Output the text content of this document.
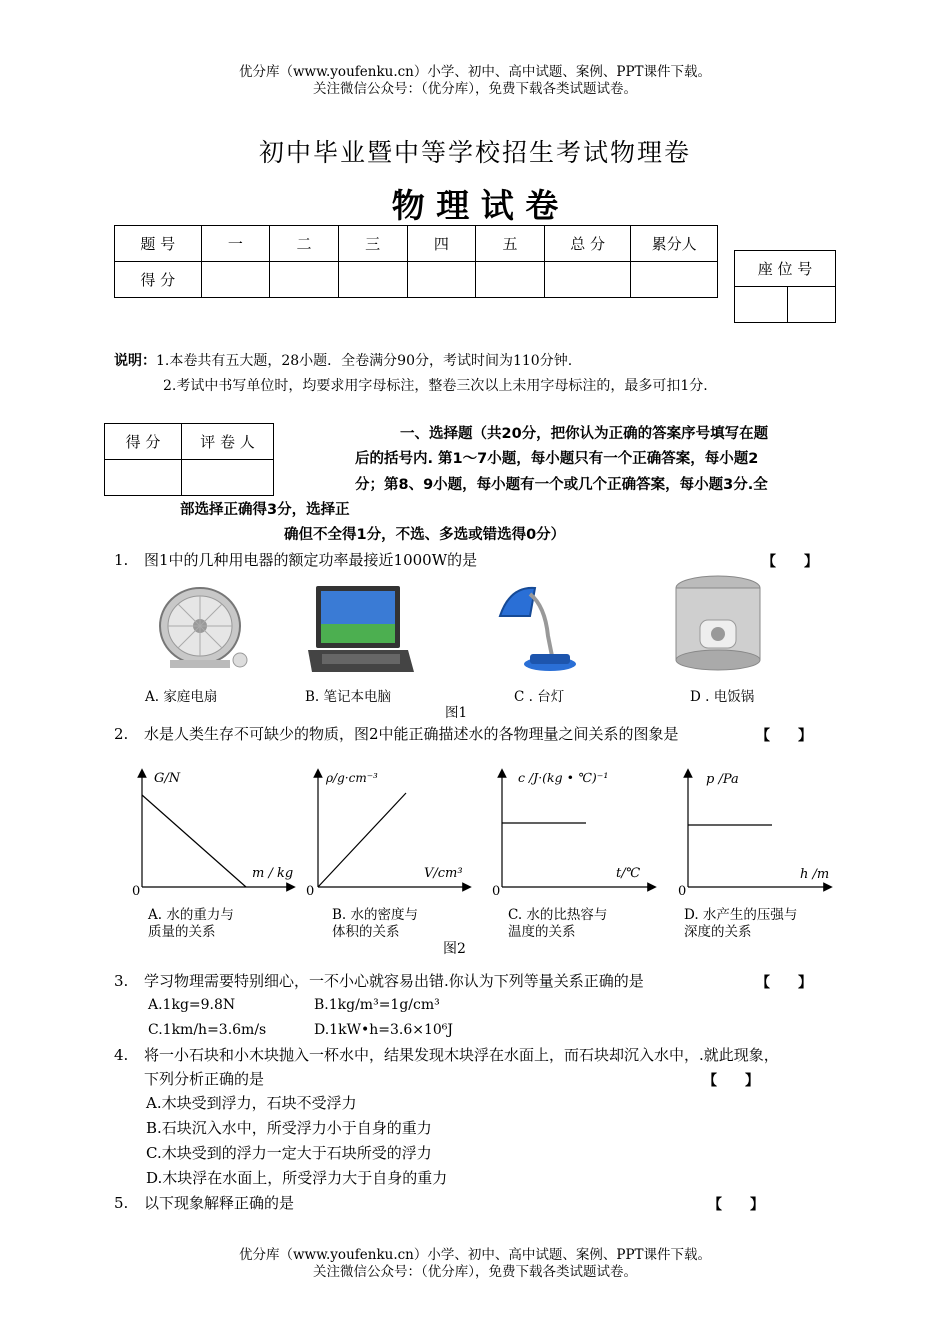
优分库（www.youfenku.cn）小学、初中、高中试题、案例、PPT课件下载。
关注微信公众号：（优分库），免费下载各类试题试卷。
初中毕业暨中等学校招生考试物理卷
物 理 试 卷
题 号	一	二	三	四	五	总 分	累分人
得 分							
座 位 号

说明：1.本卷共有五大题，28小题．全卷满分90分，考试时间为110分钟.
2.考试中书写单位时，均要求用字母标注，整卷三次以上未用字母标注的，最多可扣1分.
得 分	评 卷 人
		一、选择题（共20分，把你认为正确的答案序号填写在题
后的括号内. 第1～7小题，每小题只有一个正确答案，每小题2
分；第8、9小题，每小题有一个或几个正确答案，每小题3分.全
部选择正确得3分，选择正
确但不全得1分，不选、多选或错选得0分）
1. 图1中的几种用电器的额定功率最接近1000W的是	【　　】
A. 家庭电扇	B. 笔记本电脑	C . 台灯	D . 电饭锅
图1
2. 水是人类生存不可缺少的物质，图2中能正确描述水的各物理量之间关系的图象是	【　　】
G/N
m / kg
0
ρ/g·cm⁻³
V/cm³
0
c /J·(kg • ℃)⁻¹
t/℃
0
p /Pa
h /m
0
A. 水的重力与
质量的关系
B. 水的密度与
体积的关系
C. 水的比热容与
温度的关系
D. 水产生的压强与
深度的关系
图2
3. 学习物理需要特别细心，一不小心就容易出错.你认为下列等量关系正确的是	【　　】
A.1kg=9.8N	B.1kg/m³=1g/cm³
C.1km/h=3.6m/s	D.1kW•h=3.6×10⁶J
4. 将一小石块和小木块抛入一杯水中，结果发现木块浮在水面上，而石块却沉入水中，.就此现象，
下列分析正确的是	【　　】
A.木块受到浮力，石块不受浮力
B.石块沉入水中，所受浮力小于自身的重力
C.木块受到的浮力一定大于石块所受的浮力
D.木块浮在水面上，所受浮力大于自身的重力
5. 以下现象解释正确的是	【　　】
优分库（www.youfenku.cn）小学、初中、高中试题、案例、PPT课件下载。
关注微信公众号：（优分库），免费下载各类试题试卷。
